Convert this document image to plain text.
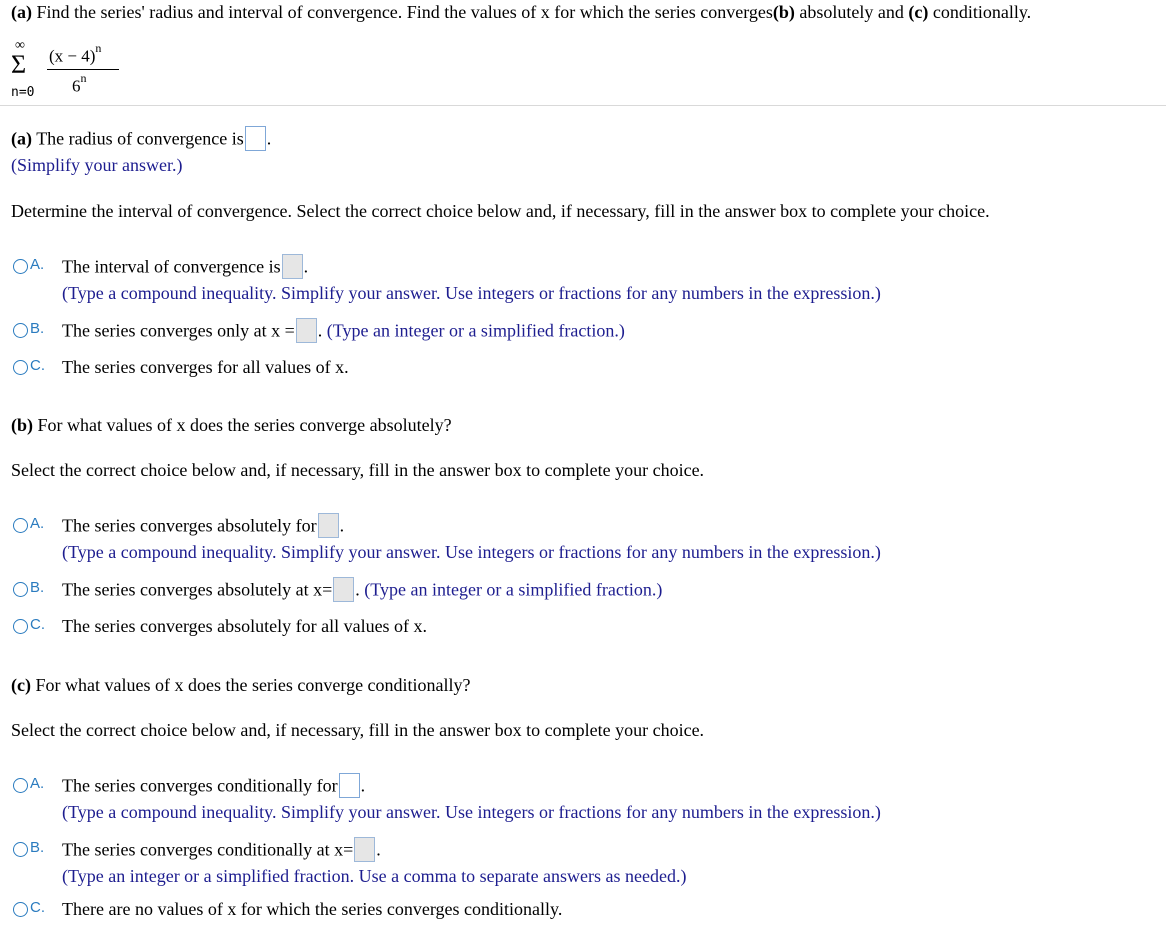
(a) Find the series' radius and interval of convergence. Find the values of x for which the series converges(b) absolutely and (c) conditionally.
∞
Σ
n=0
$(x - 4)^n$
6$^n$
(a) The radius of convergence is .
(Simplify your answer.)
Determine the interval of convergence. Select the correct choice below and, if necessary, fill in the answer box to complete your choice.
A. The interval of convergence is .
(Type a compound inequality. Simplify your answer. Use integers or fractions for any numbers in the expression.)
B. The series converges only at x = . (Type an integer or a simplified fraction.)
C. The series converges for all values of x.
(b) For what values of x does the series converge absolutely?
Select the correct choice below and, if necessary, fill in the answer box to complete your choice.
A. The series converges absolutely for .
(Type a compound inequality. Simplify your answer. Use integers or fractions for any numbers in the expression.)
B. The series converges absolutely at x= . (Type an integer or a simplified fraction.)
C. The series converges absolutely for all values of x.
(c) For what values of x does the series converge conditionally?
Select the correct choice below and, if necessary, fill in the answer box to complete your choice.
A. The series converges conditionally for .
(Type a compound inequality. Simplify your answer. Use integers or fractions for any numbers in the expression.)
B. The series converges conditionally at x= .
(Type an integer or a simplified fraction. Use a comma to separate answers as needed.)
C. There are no values of x for which the series converges conditionally.
